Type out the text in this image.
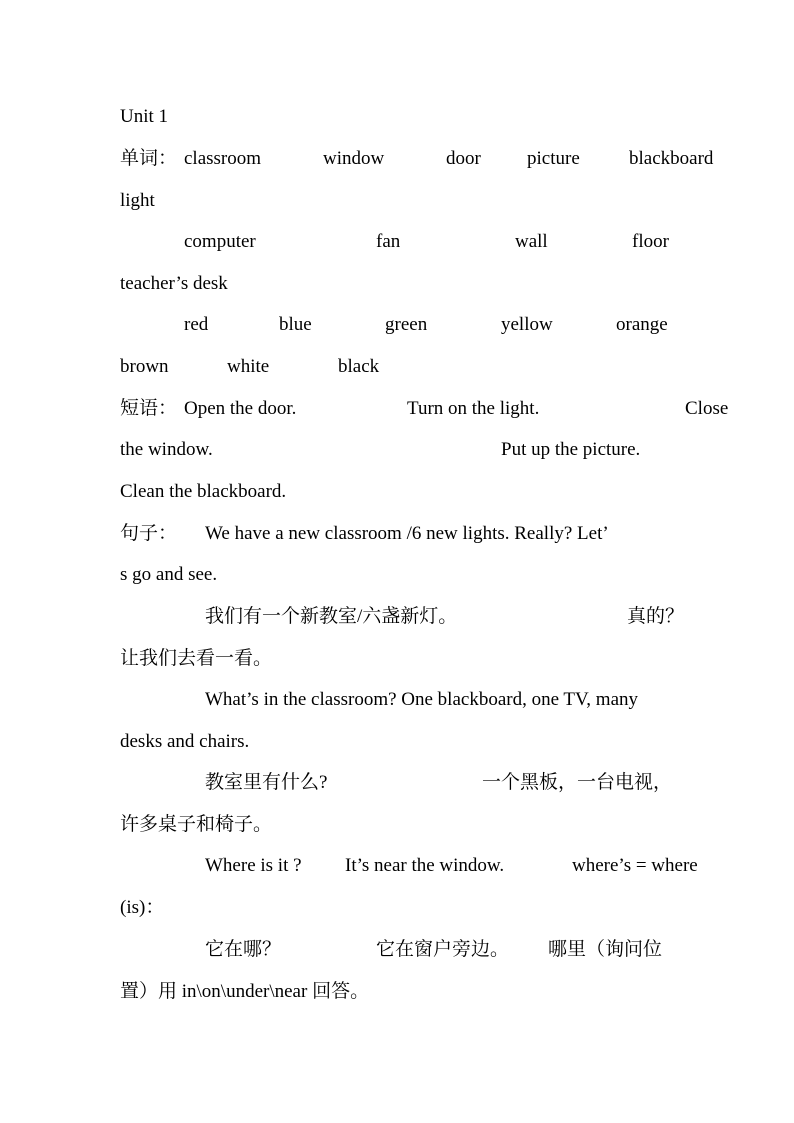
Unit 1
单词： classroom	window	door picture	blackboard
light
computer	fan	wall	floor
teacher’s desk
red	blue	green	yellow	orange
brown	white	black
短语： Open the door.	Turn on the light.	Close
the window.	Put up the picture.
Clean the blackboard.
句子： We have a new classroom /6 new lights. Really? Let’
s go and see.
我们有一个新教室/六盏新灯。	真的？
让我们去看一看。
What’s in the classroom? One blackboard, one TV, many
desks and chairs.
教室里有什么?	一个黑板，一台电视，
许多桌子和椅子。
Where is it ? It’s near the window.	where’s = where
(is)：
它在哪？	它在窗户旁边。 哪里（询问位
置）用 in\on\under\near 回答。
